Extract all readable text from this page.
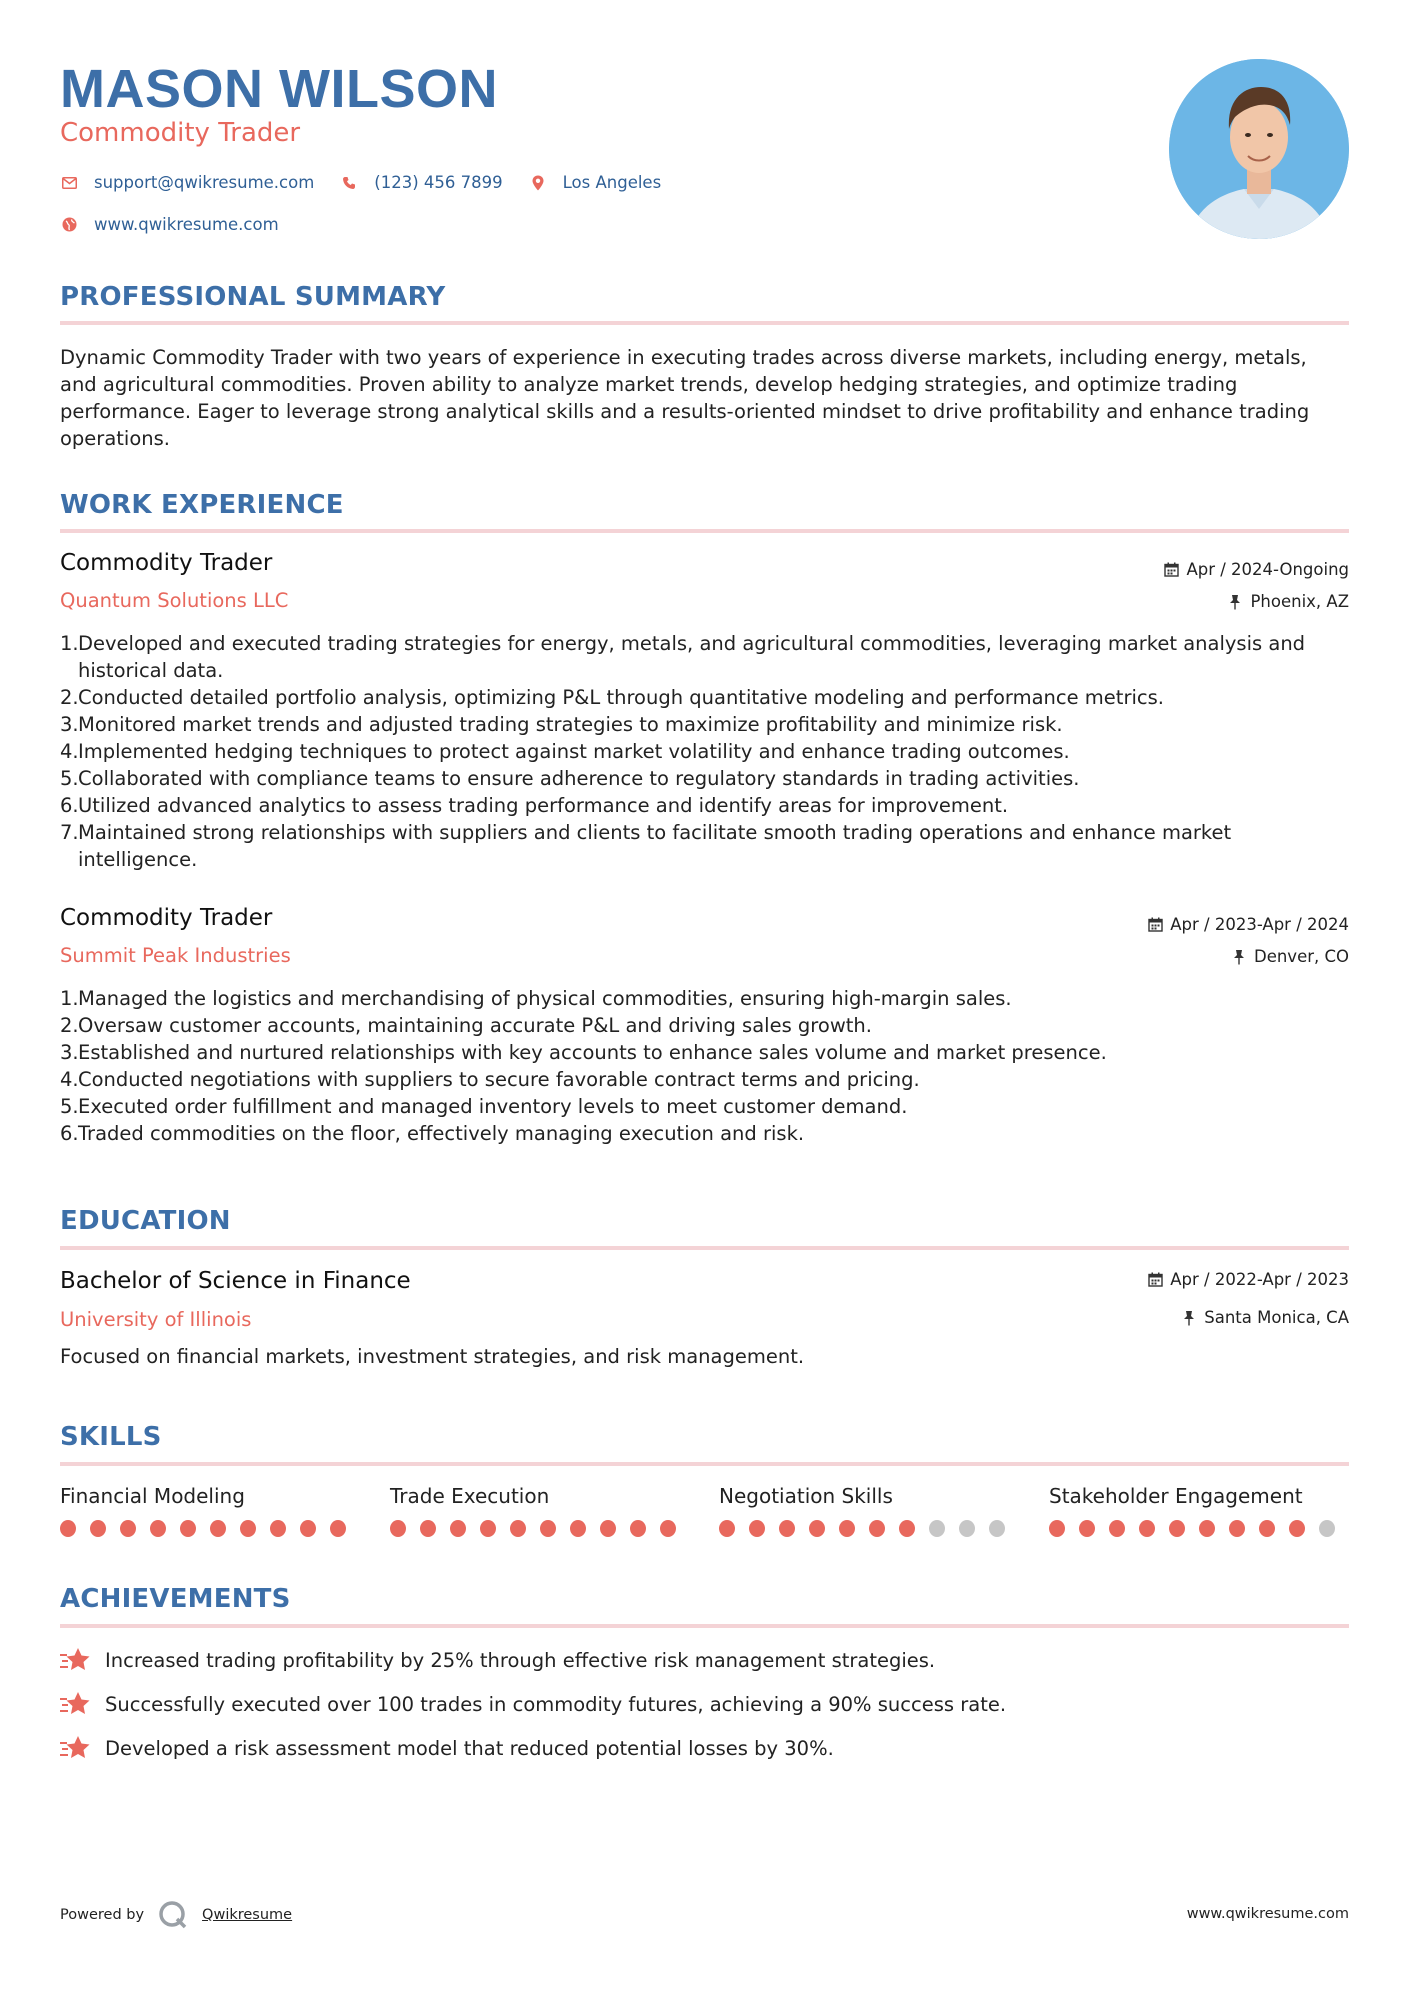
MASON WILSON
Commodity Trader
support@qwikresume.com	(123) 456 7899	Los Angeles
www.qwikresume.com
PROFESSIONAL SUMMARY
Dynamic Commodity Trader with two years of experience in executing trades across diverse markets, including energy, metals, and agricultural commodities. Proven ability to analyze market trends, develop hedging strategies, and optimize trading performance. Eager to leverage strong analytical skills and a results-oriented mindset to drive profitability and enhance trading operations.
WORK EXPERIENCE
Commodity Trader
Quantum Solutions LLC
Apr / 2024-Ongoing
Phoenix, AZ
1. Developed and executed trading strategies for energy, metals, and agricultural commodities, leveraging market analysis and historical data.
2. Conducted detailed portfolio analysis, optimizing P&L through quantitative modeling and performance metrics.
3. Monitored market trends and adjusted trading strategies to maximize profitability and minimize risk.
4. Implemented hedging techniques to protect against market volatility and enhance trading outcomes.
5. Collaborated with compliance teams to ensure adherence to regulatory standards in trading activities.
6. Utilized advanced analytics to assess trading performance and identify areas for improvement.
7. Maintained strong relationships with suppliers and clients to facilitate smooth trading operations and enhance market intelligence.
Commodity Trader
Summit Peak Industries
Apr / 2023-Apr / 2024
Denver, CO
1. Managed the logistics and merchandising of physical commodities, ensuring high-margin sales.
2. Oversaw customer accounts, maintaining accurate P&L and driving sales growth.
3. Established and nurtured relationships with key accounts to enhance sales volume and market presence.
4. Conducted negotiations with suppliers to secure favorable contract terms and pricing.
5. Executed order fulfillment and managed inventory levels to meet customer demand.
6. Traded commodities on the floor, effectively managing execution and risk.
EDUCATION
Bachelor of Science in Finance
University of Illinois
Apr / 2022-Apr / 2023
Santa Monica, CA
Focused on financial markets, investment strategies, and risk management.
SKILLS
Financial Modeling	Trade Execution	Negotiation Skills	Stakeholder Engagement
ACHIEVEMENTS
Increased trading profitability by 25% through effective risk management strategies.
Successfully executed over 100 trades in commodity futures, achieving a 90% success rate.
Developed a risk assessment model that reduced potential losses by 30%.
Powered by	Qwikresume	www.qwikresume.com
